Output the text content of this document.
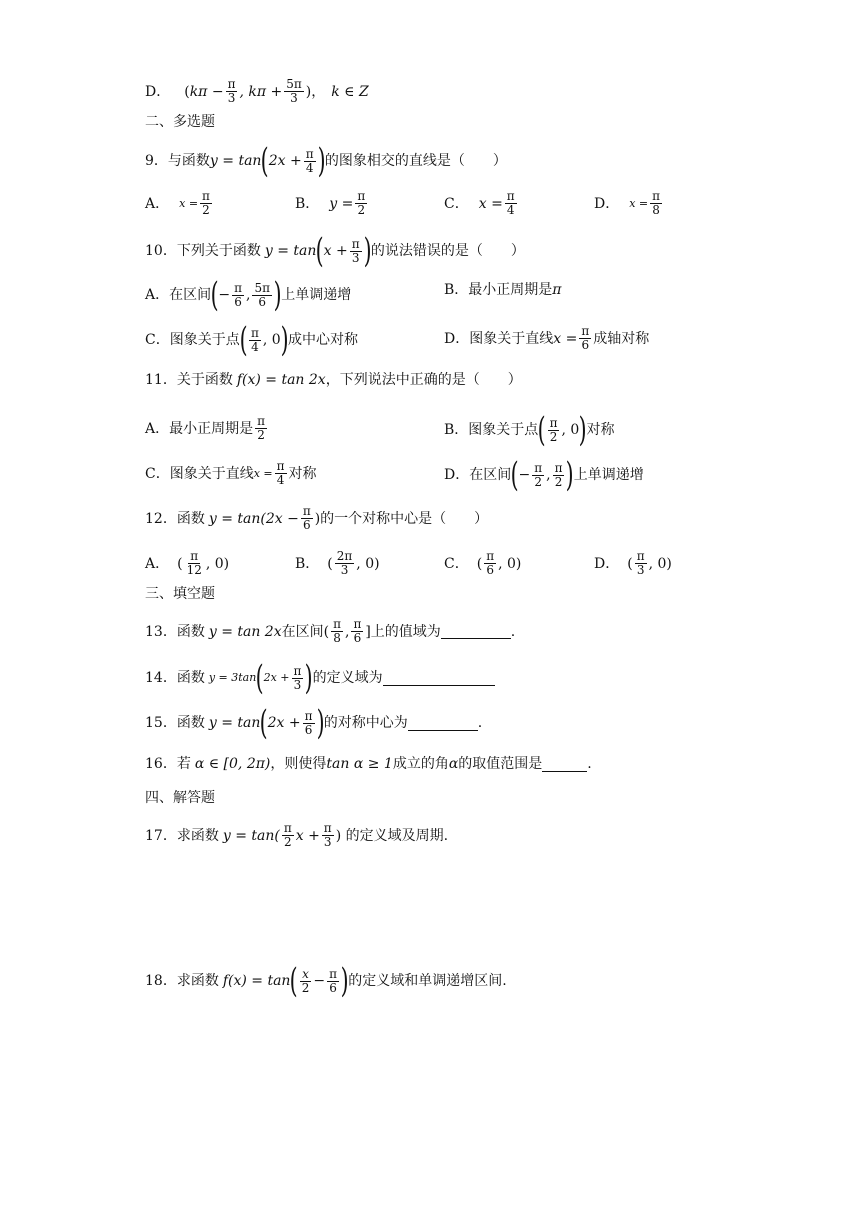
D． ( $k\pi - \frac{\pi}{3}$ , $k\pi + \frac{5\pi}{3}$ )， k ∈ Z
二、多选题
9．与函数 y = tan ( $2x + \frac{\pi}{4}$ ) 的图象相交的直线是（　　）
A． $x = \frac{\pi}{2}$	B． $y = \frac{\pi}{2}$	C． $x = \frac{\pi}{4}$	D． $x = \frac{\pi}{8}$
10．下列关于函数 y = tan ( $x + \frac{\pi}{3}$ ) 的说法错误的是（　　）
A．在区间 ( − $\frac{\pi}{6}$ , $\frac{5\pi}{6}$ ) 上单调递增	B．最小正周期是 π
C．图象关于点 ( $\frac{\pi}{4}$ , 0 ) 成中心对称	D．图象关于直线 $x = \frac{\pi}{6}$ 成轴对称
11．关于函数 f(x) = tan 2x ，下列说法中正确的是（　　）
A．最小正周期是 $\frac{\pi}{2}$	B．图象关于点 ( $\frac{\pi}{2}$ , 0 ) 对称
C．图象关于直线 $x = \frac{\pi}{4}$ 对称	D．在区间 ( − $\frac{\pi}{2}$ , $\frac{\pi}{2}$ ) 上单调递增
12．函数 $y = \tan(2x - \frac{\pi}{6}$ )的一个对称中心是（　　）
A． ( $\frac{\pi}{12}$ , 0)	B． ( $\frac{2\pi}{3}$ , 0)	C． ( $\frac{\pi}{6}$ , 0)	D． ( $\frac{\pi}{3}$ , 0)
三、填空题
13．函数 y = tan 2x 在区间 ( $\frac{\pi}{8}$ , $\frac{\pi}{6}$ ] 上的值域为	.
14．函数 y = 3tan ( $2x + \frac{\pi}{3}$ ) 的定义域为
15．函数 y = tan ( $2x + \frac{\pi}{6}$ ) 的对称中心为	.
16．若 α ∈ [0, 2π) ，则使得 tan α ≥ 1 成立的角 α 的取值范围是	.
四、解答题
17．求函数 $y = \tan( \frac{\pi}{2}$ $x + \frac{\pi}{3}$ ) 的定义域及周期.
18．求函数 f(x) = tan ( $\frac{x}{2} - \frac{\pi}{6}$ ) 的定义域和单调递增区间.
